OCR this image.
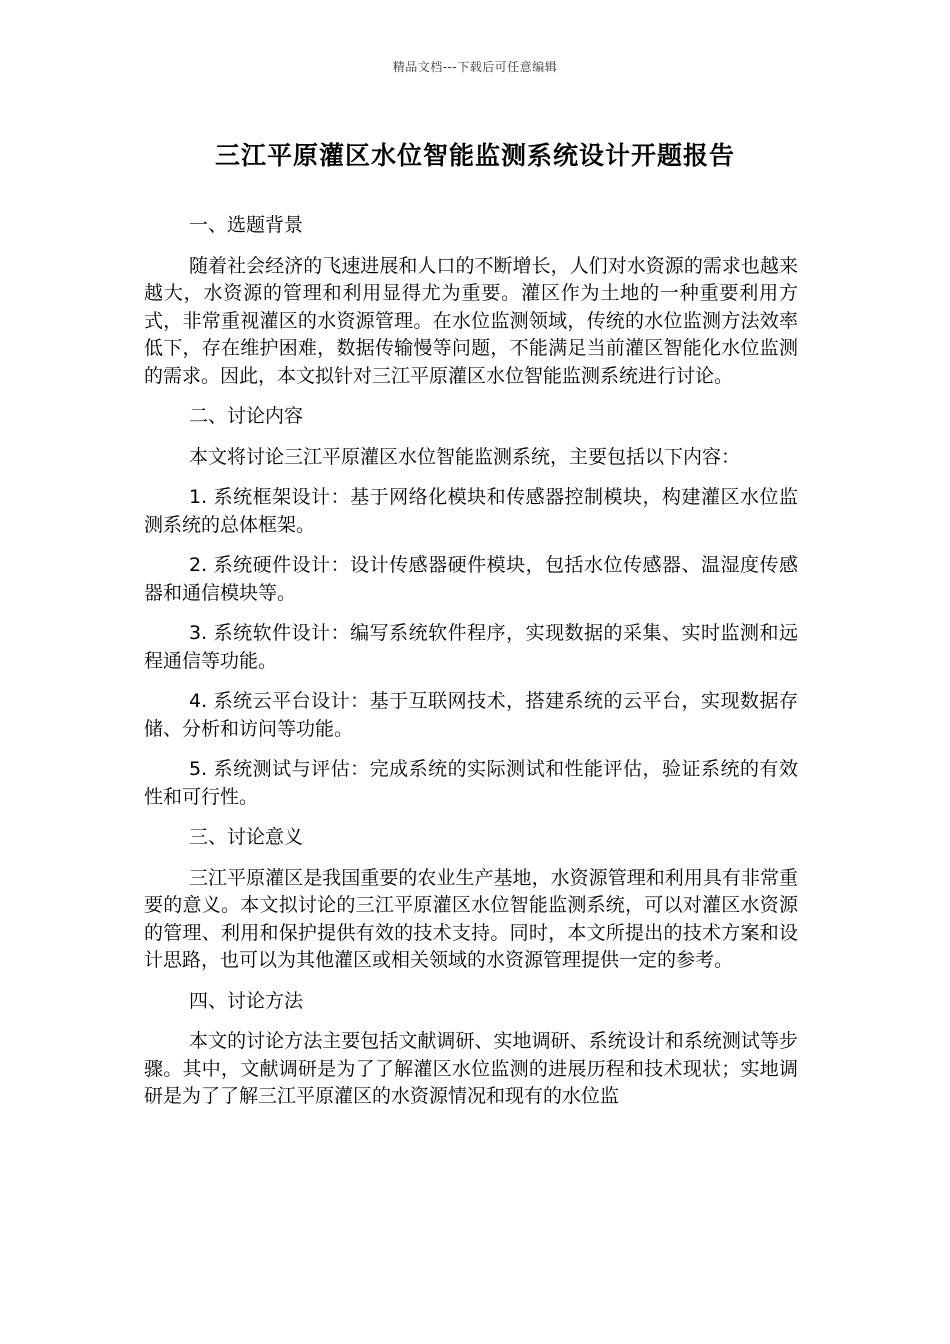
精品文档---下载后可任意编辑
三江平原灌区水位智能监测系统设计开题报告
一、选题背景
随着社会经济的飞速进展和人口的不断增长，人们对水资源的需求也越来越大，水资源的管理和利用显得尤为重要。灌区作为土地的一种重要利用方式，非常重视灌区的水资源管理。在水位监测领域，传统的水位监测方法效率低下，存在维护困难，数据传输慢等问题，不能满足当前灌区智能化水位监测的需求。因此，本文拟针对三江平原灌区水位智能监测系统进行讨论。
二、讨论内容
本文将讨论三江平原灌区水位智能监测系统，主要包括以下内容：
1. 系统框架设计：基于网络化模块和传感器控制模块，构建灌区水位监测系统的总体框架。
2. 系统硬件设计：设计传感器硬件模块，包括水位传感器、温湿度传感器和通信模块等。
3. 系统软件设计：编写系统软件程序，实现数据的采集、实时监测和远程通信等功能。
4. 系统云平台设计：基于互联网技术，搭建系统的云平台，实现数据存储、分析和访问等功能。
5. 系统测试与评估：完成系统的实际测试和性能评估，验证系统的有效性和可行性。
三、讨论意义
三江平原灌区是我国重要的农业生产基地，水资源管理和利用具有非常重要的意义。本文拟讨论的三江平原灌区水位智能监测系统，可以对灌区水资源的管理、利用和保护提供有效的技术支持。同时，本文所提出的技术方案和设计思路，也可以为其他灌区或相关领域的水资源管理提供一定的参考。
四、讨论方法
本文的讨论方法主要包括文献调研、实地调研、系统设计和系统测试等步骤。其中，文献调研是为了了解灌区水位监测的进展历程和技术现状；实地调研是为了了解三江平原灌区的水资源情况和现有的水位监
